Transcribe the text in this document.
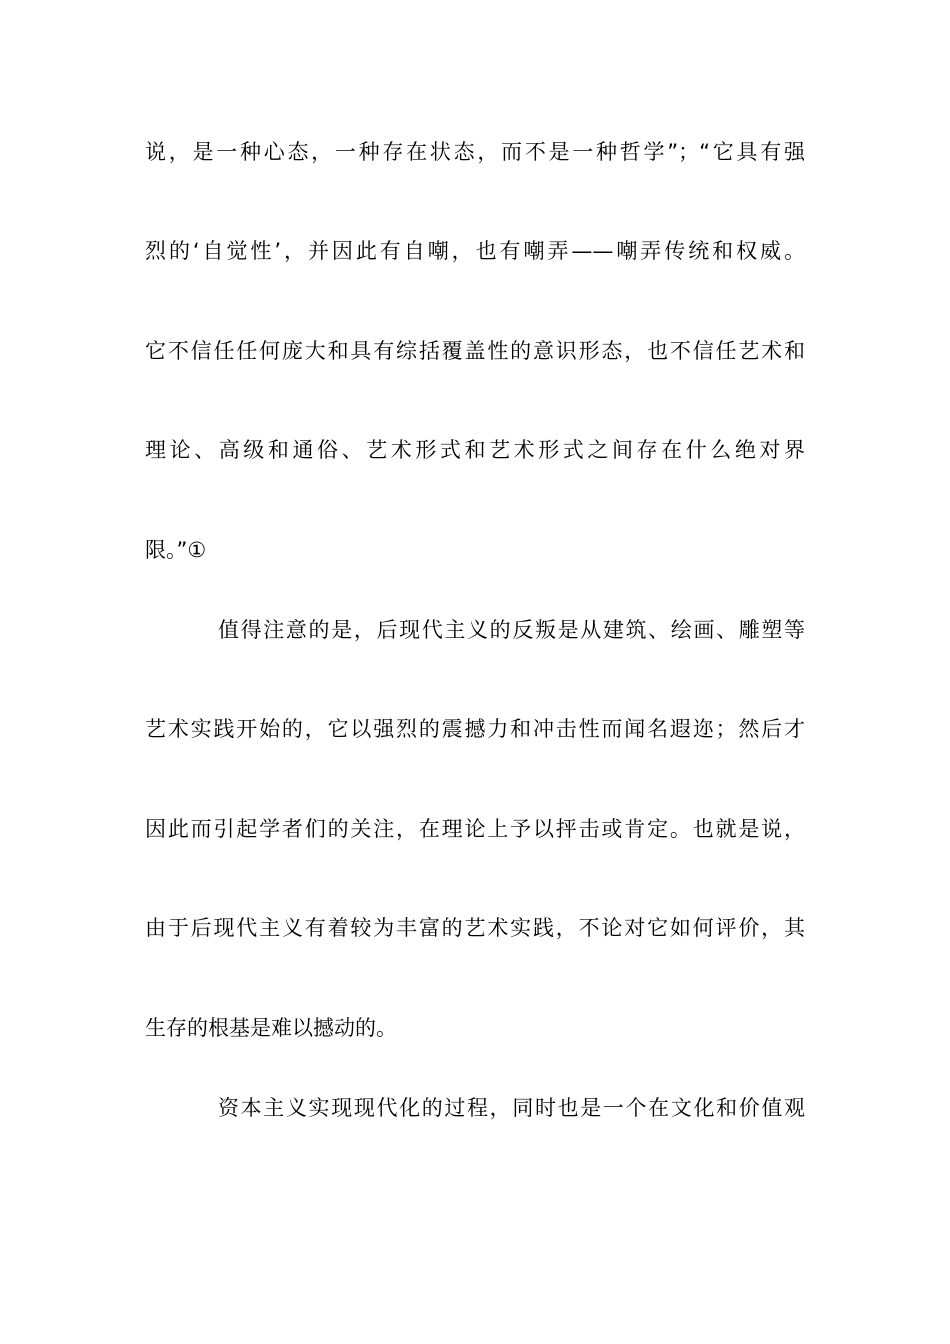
说，是一种心态，一种存在状态，而不是一种哲学”；“它具有强
烈的‘自觉性’，并因此有自嘲，也有嘲弄——嘲弄传统和权威。
它不信任任何庞大和具有综括覆盖性的意识形态，也不信任艺术和
理论、高级和通俗、艺术形式和艺术形式之间存在什么绝对界
限。”①
值得注意的是，后现代主义的反叛是从建筑、绘画、雕塑等
艺术实践开始的，它以强烈的震撼力和冲击性而闻名遐迩；然后才
因此而引起学者们的关注，在理论上予以抨击或肯定。也就是说，
由于后现代主义有着较为丰富的艺术实践，不论对它如何评价，其
生存的根基是难以撼动的。
资本主义实现现代化的过程，同时也是一个在文化和价值观
